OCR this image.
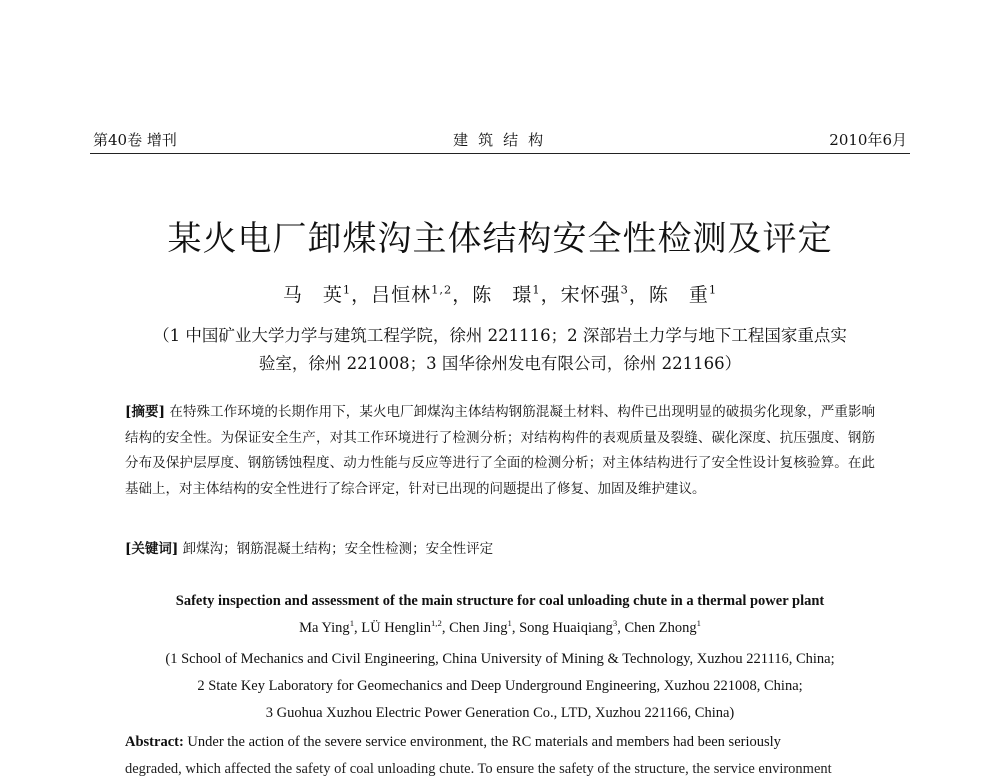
第40卷 增刊	建筑结构	2010年6月
某火电厂卸煤沟主体结构安全性检测及评定
马　英$^1$，吕恒林$^{1,2}$，陈　璟$^1$，宋怀强$^3$，陈　重$^1$
（1 中国矿业大学力学与建筑工程学院，徐州 221116；2 深部岩土力学与地下工程国家重点实
验室，徐州 221008；3 国华徐州发电有限公司，徐州 221166）
[摘要] 在特殊工作环境的长期作用下，某火电厂卸煤沟主体结构钢筋混凝土材料、构件已出现明显的破损劣化现象，严重影响结构的安全性。为保证安全生产，对其工作环境进行了检测分析；对结构构件的表观质量及裂缝、碳化深度、抗压强度、钢筋分布及保护层厚度、钢筋锈蚀程度、动力性能与反应等进行了全面的检测分析；对主体结构进行了安全性设计复核验算。在此基础上，对主体结构的安全性进行了综合评定，针对已出现的问题提出了修复、加固及维护建议。
[关键词] 卸煤沟；钢筋混凝土结构；安全性检测；安全性评定
Safety inspection and assessment of the main structure for coal unloading chute in a thermal power plant
Ma Ying$^1$, LÜ Henglin$^{1,2}$, Chen Jing$^1$, Song Huaiqiang$^3$, Chen Zhong$^1$
(1 School of Mechanics and Civil Engineering, China University of Mining & Technology, Xuzhou 221116, China;
2 State Key Laboratory for Geomechanics and Deep Underground Engineering, Xuzhou 221008, China;
3 Guohua Xuzhou Electric Power Generation Co., LTD, Xuzhou 221166, China)
Abstract: Under the action of the severe service environment, the RC materials and members had been seriously
degraded, which affected the safety of coal unloading chute. To ensure the safety of the structure, the service environment
